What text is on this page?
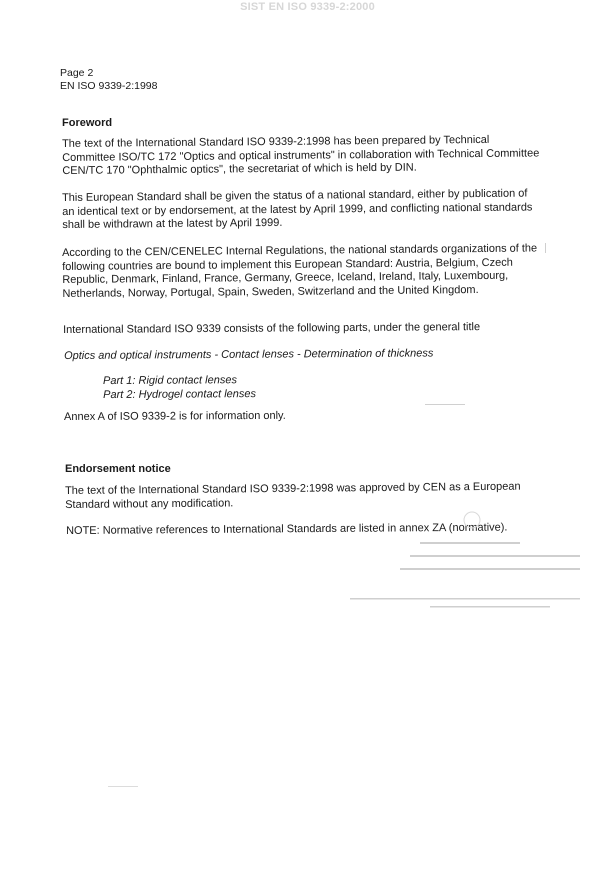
SIST EN ISO 9339-2:2000
Page 2
EN ISO 9339-2:1998
Foreword
The text of the International Standard ISO 9339-2:1998 has been prepared by Technical Committee ISO/TC 172 "Optics and optical instruments" in collaboration with Technical Committee CEN/TC 170 "Ophthalmic optics", the secretariat of which is held by DIN.
This European Standard shall be given the status of a national standard, either by publication of an identical text or by endorsement, at the latest by April 1999, and conflicting national standards shall be withdrawn at the latest by April 1999.
According to the CEN/CENELEC Internal Regulations, the national standards organizations of the following countries are bound to implement this European Standard: Austria, Belgium, Czech Republic, Denmark, Finland, France, Germany, Greece, Iceland, Ireland, Italy, Luxembourg, Netherlands, Norway, Portugal, Spain, Sweden, Switzerland and the United Kingdom.
International Standard ISO 9339 consists of the following parts, under the general title
Optics and optical instruments - Contact lenses - Determination of thickness
Part 1: Rigid contact lenses
Part 2: Hydrogel contact lenses
Annex A of ISO 9339-2 is for information only.
Endorsement notice
The text of the International Standard ISO 9339-2:1998 was approved by CEN as a European Standard without any modification.
NOTE: Normative references to International Standards are listed in annex ZA (normative).
